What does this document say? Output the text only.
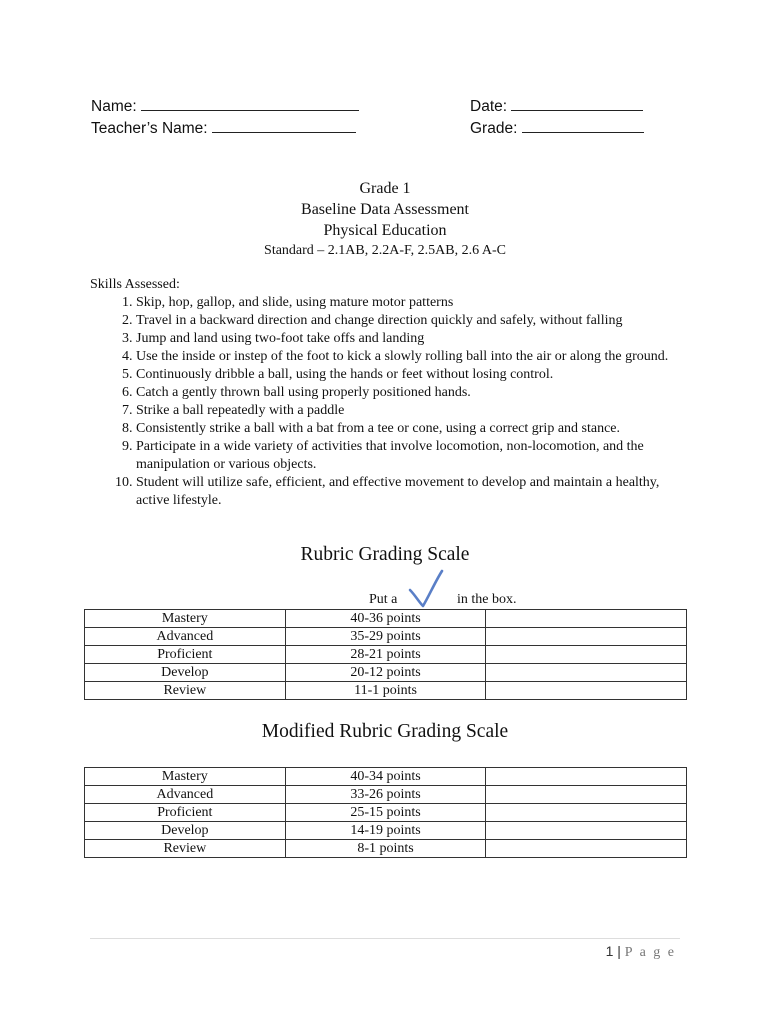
Name:
Teacher’s Name:
Date:
Grade:
Grade 1
Baseline Data Assessment
Physical Education
Standard – 2.1AB, 2.2A-F, 2.5AB, 2.6 A-C
Skills Assessed:
1. Skip, hop, gallop, and slide, using mature motor patterns
2. Travel in a backward direction and change direction quickly and safely, without falling
3. Jump and land using two-foot take offs and landing
4. Use the inside or instep of the foot to kick a slowly rolling ball into the air or along the ground.
5. Continuously dribble a ball, using the hands or feet without losing control.
6. Catch a gently thrown ball using properly positioned hands.
7. Strike a ball repeatedly with a paddle
8. Consistently strike a ball with a bat from a tee or cone, using a correct grip and stance.
9. Participate in a wide variety of activities that involve locomotion, non-locomotion, and the manipulation or various objects.
10. Student will utilize safe, efficient, and effective movement to develop and maintain a healthy, active lifestyle.
Rubric Grading Scale
Put a	in the box.
Mastery	40-36 points	
Advanced	35-29 points	
Proficient	28-21 points	
Develop	20-12 points	
Review	11-1 points	
Modified Rubric Grading Scale
Mastery	40-34 points	
Advanced	33-26 points	
Proficient	25-15 points	
Develop	14-19 points	
Review	8-1 points	
1 | P a g e
